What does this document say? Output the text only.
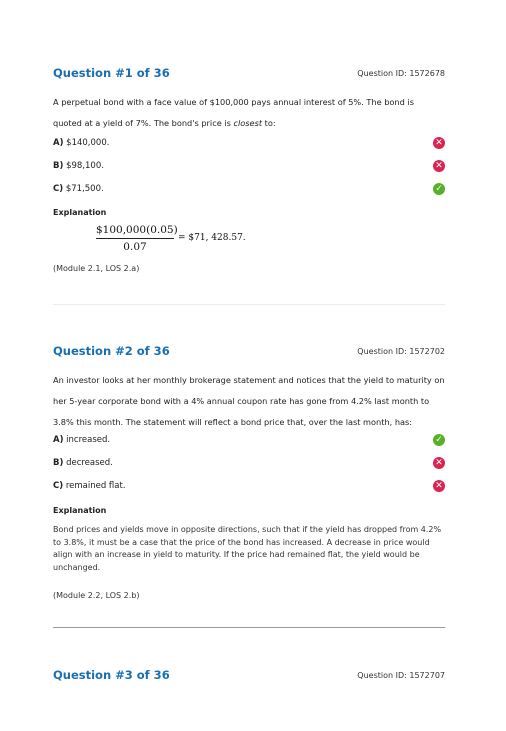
Question #1 of 36	Question ID: 1572678
A perpetual bond with a face value of $100,000 pays annual interest of 5%. The bond is quoted at a yield of 7%. The bond's price is closest to:
A) $140,000.	✕
B) $98,100.	✕
C) $71,500.	✓
Explanation
$\frac{\$100,000(0.05)}{0.07}$ = $71, 428.57.
(Module 2.1, LOS 2.a)
Question #2 of 36	Question ID: 1572702
An investor looks at her monthly brokerage statement and notices that the yield to maturity on her 5-year corporate bond with a 4% annual coupon rate has gone from 4.2% last month to 3.8% this month. The statement will reflect a bond price that, over the last month, has:
A) increased.	✓
B) decreased.	✕
C) remained flat.	✕
Explanation
Bond prices and yields move in opposite directions, such that if the yield has dropped from 4.2% to 3.8%, it must be a case that the price of the bond has increased. A decrease in price would align with an increase in yield to maturity. If the price had remained flat, the yield would be unchanged.
(Module 2.2, LOS 2.b)
Question #3 of 36	Question ID: 1572707
